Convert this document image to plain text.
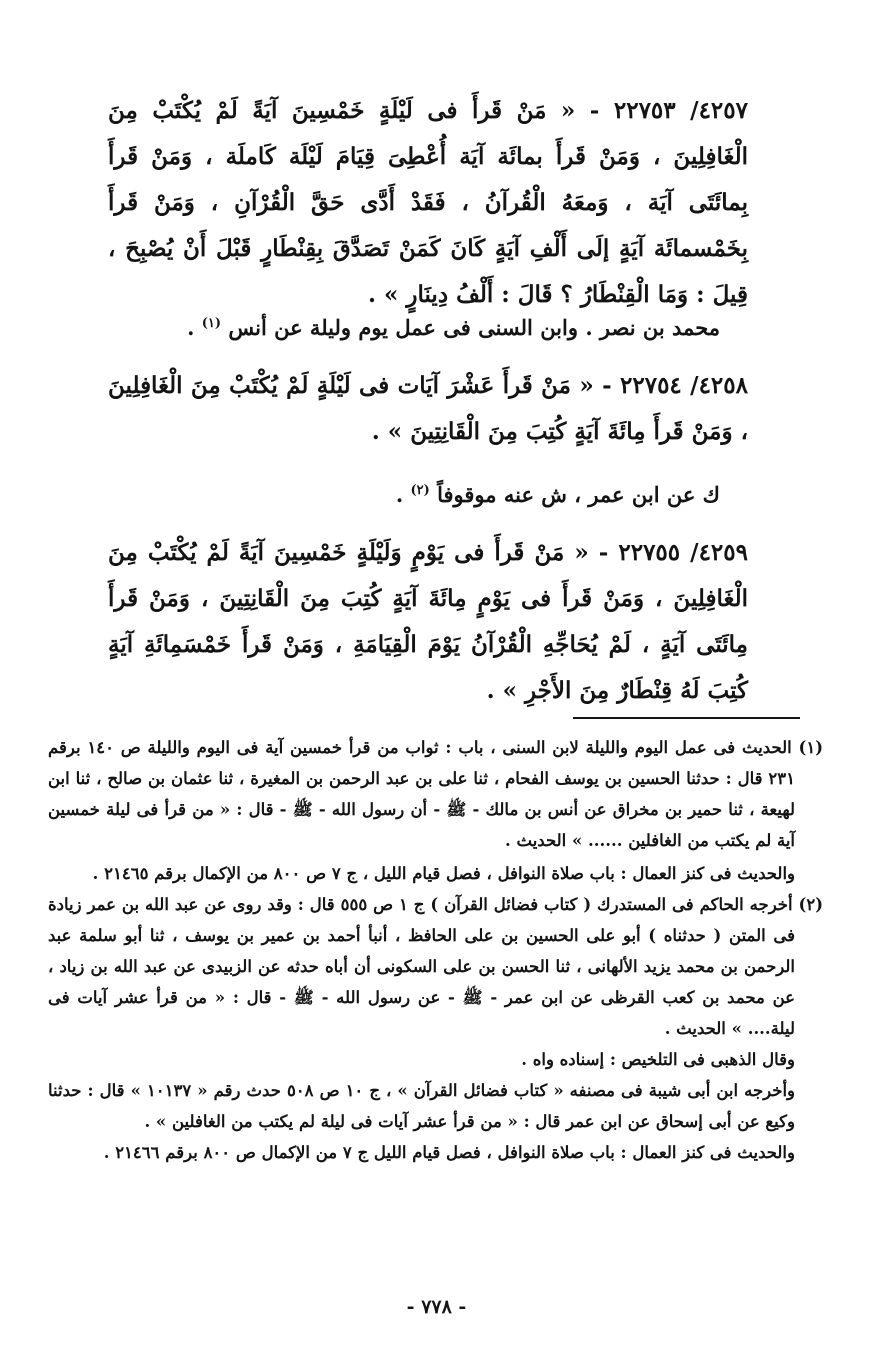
٤٢٥٧/ ٢٢٧٥٣ - « مَنْ قَرأَ فى لَيْلَةٍ خَمْسِينَ آيَةً لَمْ يُكْتَبْ مِنَ الْغَافِلِينَ ، وَمَنْ قَرأَ بمائَة آيَة أُعْطِىَ قِيَامَ لَيْلَة كَاملَة ، وَمَنْ قَرأَ بِمائَتَى آيَة ، وَمعَهُ الْقُرآنُ ، فَقَدْ أَدَّى حَقَّ الْقُرْآنِ ، وَمَنْ قَرأَ بِخَمْسمائَة آيَةٍ إلَى أَلْفِ آيَةٍ كَانَ كَمَنْ تَصَدَّقَ بِقِنْطَارٍ قَبْلَ أَنْ يُصْبِحَ ، قِيلَ : وَمَا الْقِنْطَارُ ؟ قَالَ : أَلْفُ دِينَارٍ » .

محمد بن نصر . وابن السنى فى عمل يوم وليلة عن أنس $^{(١)}$ .

٤٢٥٨/ ٢٢٧٥٤ - « مَنْ قَرأَ عَشْرَ آيَات فى لَيْلَةٍ لَمْ يُكْتَبْ مِنَ الْغَافِلِينَ ، وَمَنْ قَرأَ مِائَةَ آيَةٍ كُتِبَ مِنَ الْقَانِتِينَ » .

ك عن ابن عمر ، ش عنه موقوفاً $^{(٢)}$ .

٤٢٥٩/ ٢٢٧٥٥ - « مَنْ قَرأَ فى يَوْمٍ وَلَيْلَةٍ خَمْسِينَ آيَةً لَمْ يُكْتَبْ مِنَ الْغَافِلِينَ ، وَمَنْ قَرأَ فى يَوْمٍ مِائَةَ آيَةٍ كُتِبَ مِنَ الْقَانِتِينَ ، وَمَنْ قَرأَ مِائَتَى آيَةٍ ، لَمْ يُحَاجِّهِ الْقُرْآنُ يَوْمَ الْقِيَامَةِ ، وَمَنْ قَرأَ خَمْسَمِائَةِ آيَةٍ كُتِبَ لَهُ قِنْطَارٌ مِنَ الأَجْرِ » .

(١) الحديث فى عمل اليوم والليلة لابن السنى ، باب : ثواب من قرأ خمسين آية فى اليوم والليلة ص ١٤٠ برقم ٢٣١ قال : حدثنا الحسين بن يوسف الفحام ، ثنا على بن عبد الرحمن بن المغيرة ، ثنا عثمان بن صالح ، ثنا ابن لهيعة ، ثنا حمير بن مخراق عن أنس بن مالك - ﷺ - أن رسول الله - ﷺ - قال : « من قرأ فى ليلة خمسين آية لم يكتب من الغافلين ...... » الحديث .

والحديث فى كنز العمال : باب صلاة النوافل ، فصل قيام الليل ، ج ٧ ص ٨٠٠ من الإكمال برقم ٢١٤٦٥ .

(٢) أخرجه الحاكم فى المستدرك ( كتاب فضائل القرآن ) ج ١ ص ٥٥٥ قال : وقد روى عن عبد الله بن عمر زيادة فى المتن ( حدثناه ) أبو على الحسين بن على الحافظ ، أنبأ أحمد بن عمير بن يوسف ، ثنا أبو سلمة عبد الرحمن بن محمد يزيد الألهانى ، ثنا الحسن بن على السكونى أن أباه حدثه عن الزبيدى عن عبد الله بن زياد ، عن محمد بن كعب القرظى عن ابن عمر - ﷺ - عن رسول الله - ﷺ - قال : « من قرأ عشر آيات فى ليلة.... » الحديث .

وقال الذهبى فى التلخيص : إسناده واه .

وأخرجه ابن أبى شيبة فى مصنفه « كتاب فضائل القرآن » ، ج ١٠ ص ٥٠٨ حدث رقم « ١٠١٣٧ » قال : حدثنا وكيع عن أبى إسحاق عن ابن عمر قال : « من قرأ عشر آيات فى ليلة لم يكتب من الغافلين » .

والحديث فى كنز العمال : باب صلاة النوافل ، فصل قيام الليل ج ٧ من الإكمال ص ٨٠٠ برقم ٢١٤٦٦ .

- ٧٧٨ -
